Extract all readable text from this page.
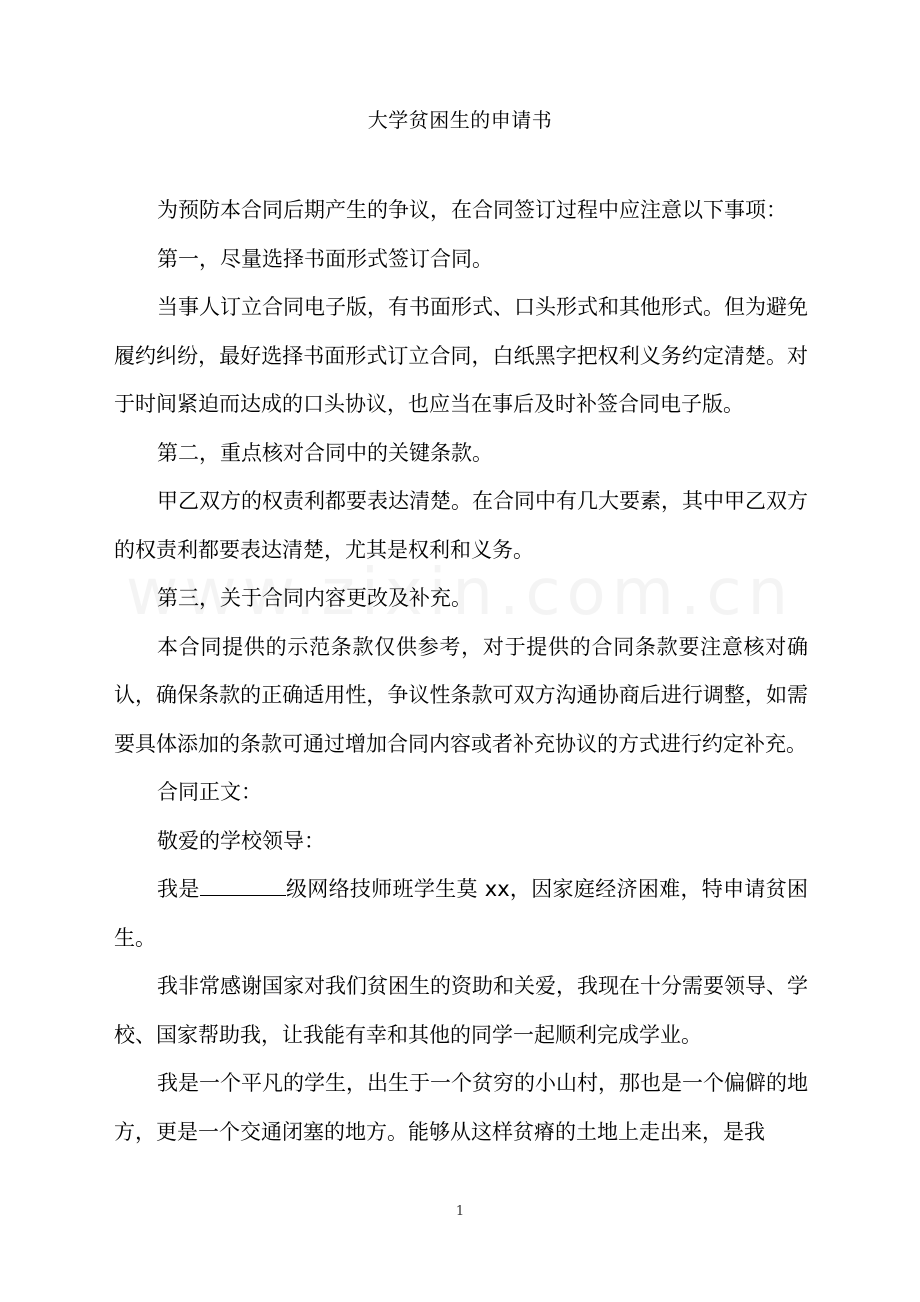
大学贫困生的申请书

为预防本合同后期产生的争议，在合同签订过程中应注意以下事项：

第一，尽量选择书面形式签订合同。

当事人订立合同电子版，有书面形式、口头形式和其他形式。但为避免履约纠纷，最好选择书面形式订立合同，白纸黑字把权利义务约定清楚。对于时间紧迫而达成的口头协议，也应当在事后及时补签合同电子版。

第二，重点核对合同中的关键条款。

甲乙双方的权责利都要表达清楚。在合同中有几大要素，其中甲乙双方的权责利都要表达清楚，尤其是权利和义务。

第三，关于合同内容更改及补充。

本合同提供的示范条款仅供参考，对于提供的合同条款要注意核对确认，确保条款的正确适用性，争议性条款可双方沟通协商后进行调整，如需要具体添加的条款可通过增加合同内容或者补充协议的方式进行约定补充。

合同正文：

敬爱的学校领导：

我是	级网络技师班学生莫 xx，因家庭经济困难，特申请贫困生。

我非常感谢国家对我们贫困生的资助和关爱，我现在十分需要领导、学校、国家帮助我，让我能有幸和其他的同学一起顺利完成学业。

我是一个平凡的学生，出生于一个贫穷的小山村，那也是一个偏僻的地方，更是一个交通闭塞的地方。能够从这样贫瘠的土地上走出来，是我

1
